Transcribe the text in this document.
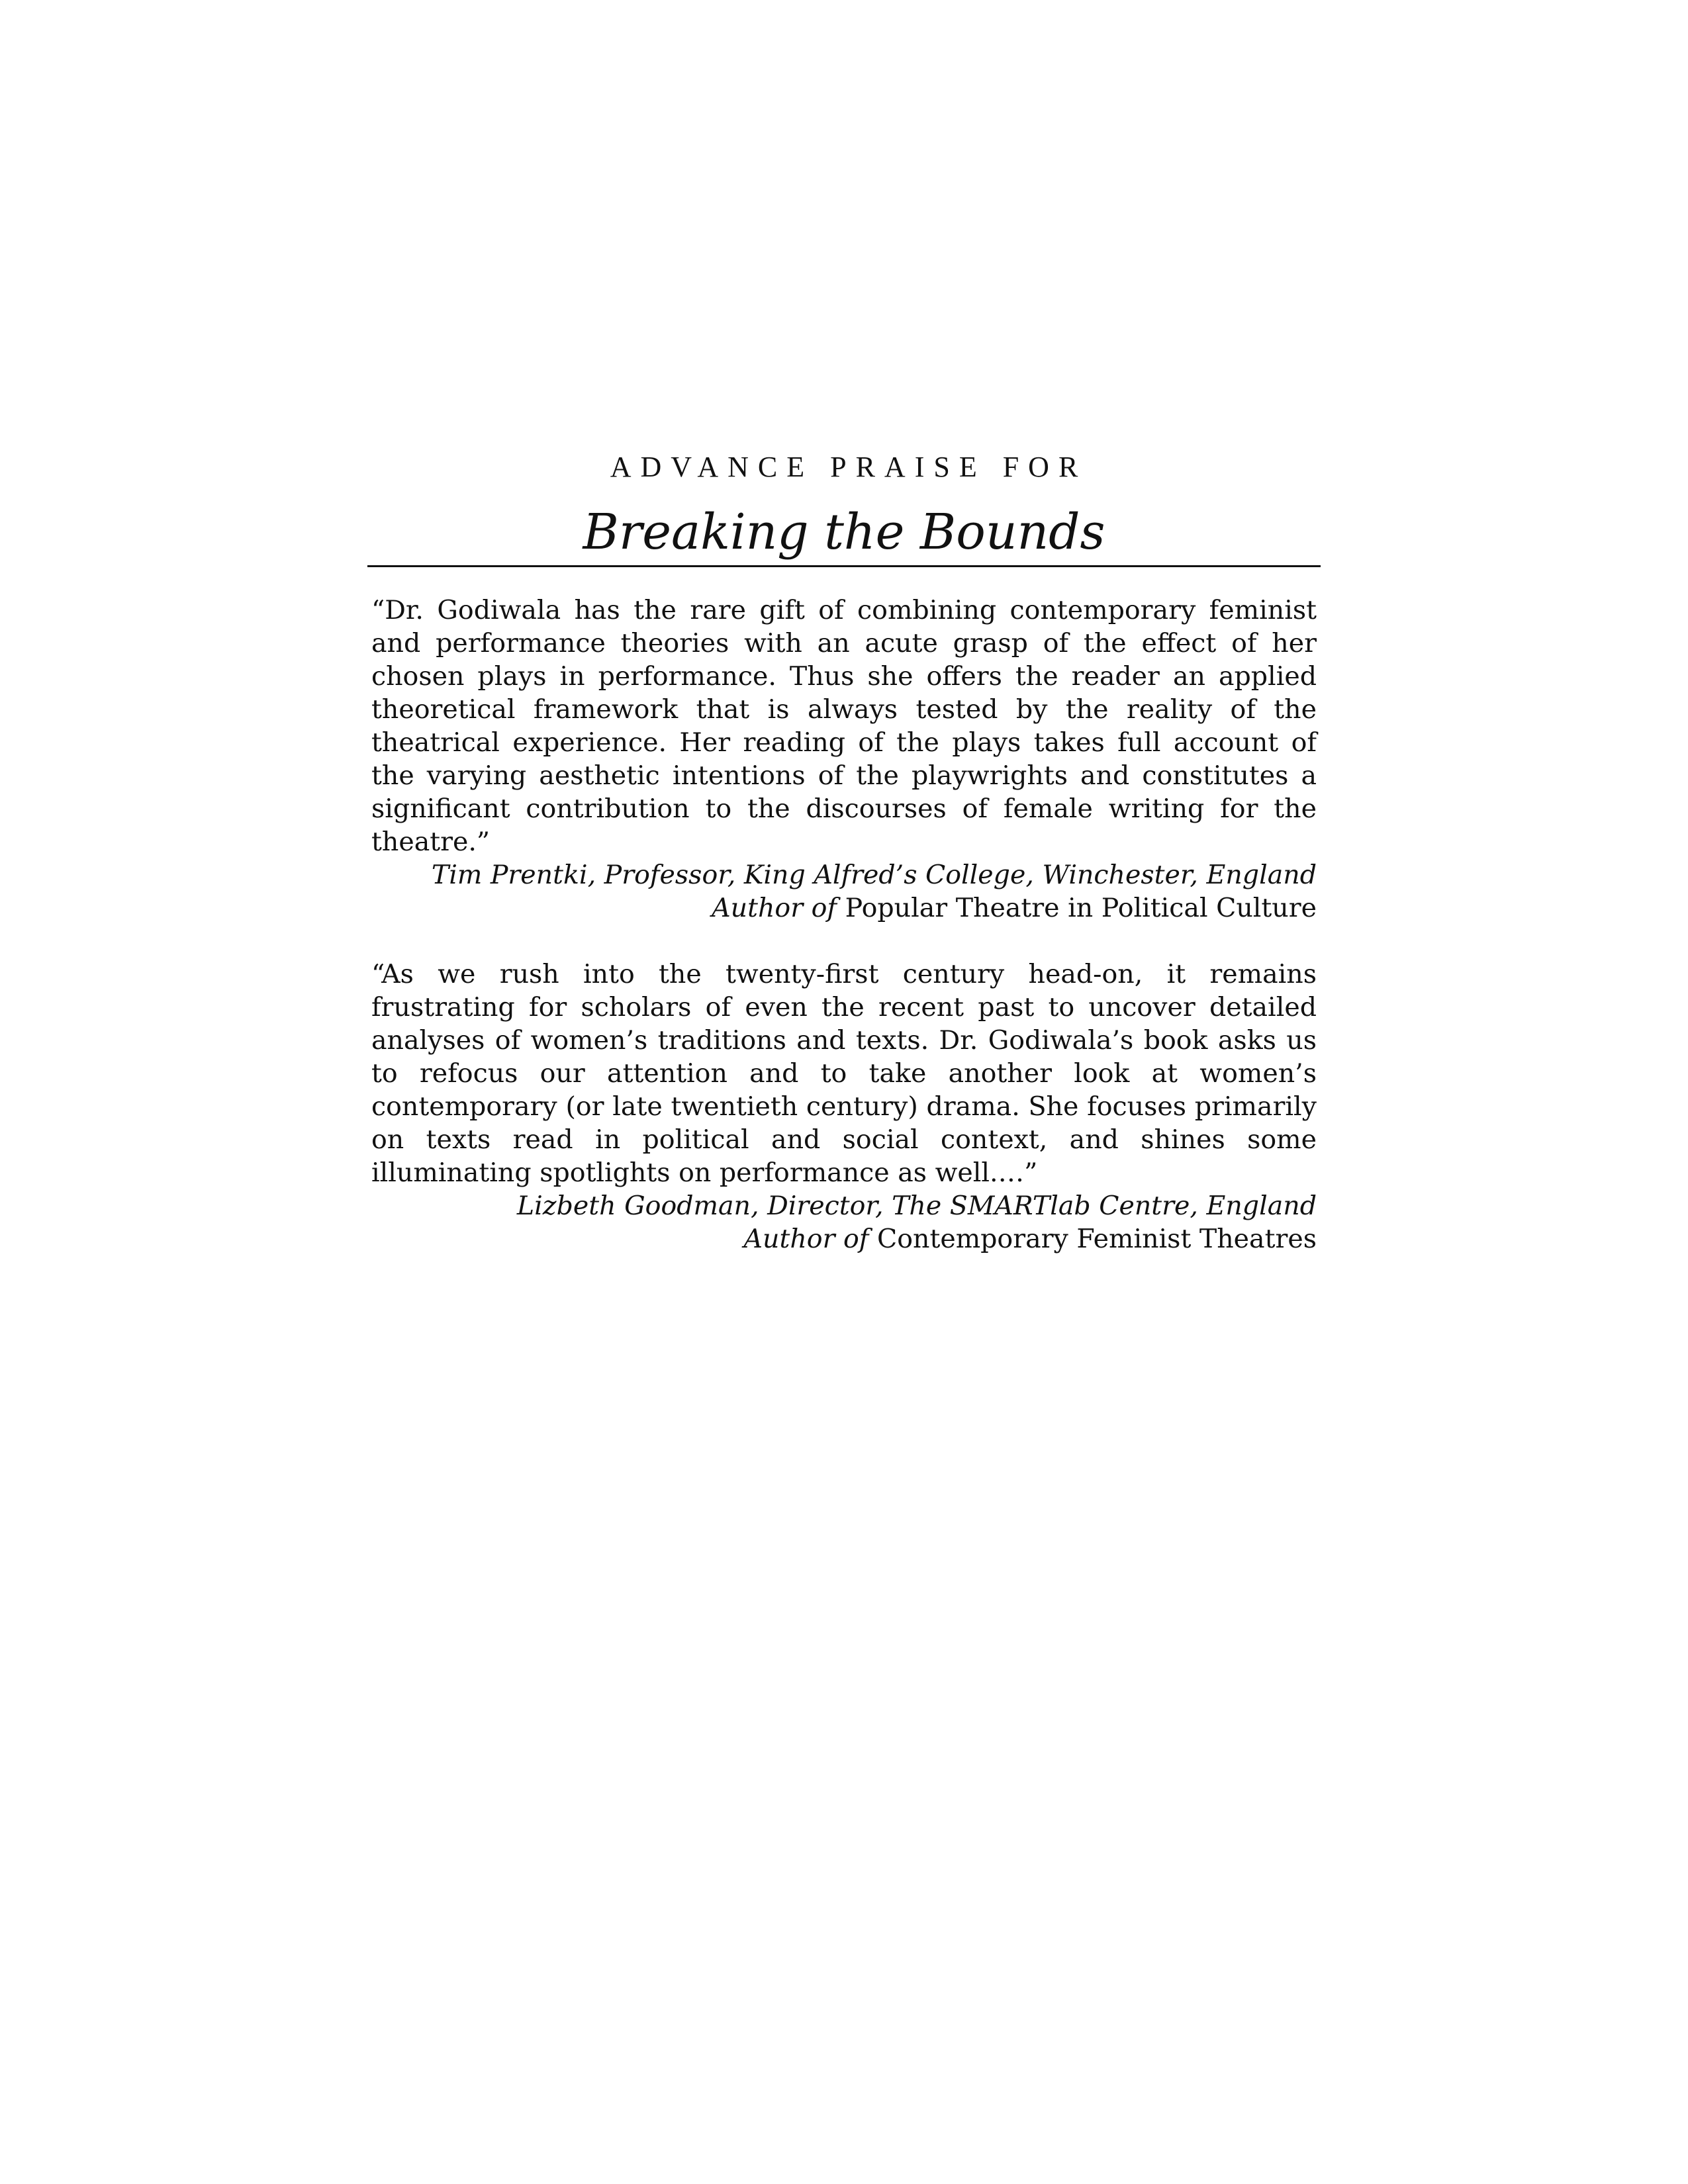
ADVANCE PRAISE FOR

Breaking the Bounds

“Dr. Godiwala has the rare gift of combining contemporary feminist and performance theories with an acute grasp of the effect of her chosen plays in performance. Thus she offers the reader an applied theoretical framework that is always tested by the reality of the theatrical experience. Her reading of the plays takes full account of the varying aesthetic intentions of the playwrights and constitutes a significant contribution to the discourses of female writing for the theatre.”

Tim Prentki, Professor, King Alfred’s College, Winchester, England
Author of Popular Theatre in Political Culture

“As we rush into the twenty-first century head-on, it remains frustrating for scholars of even the recent past to uncover detailed analyses of women’s traditions and texts. Dr. Godiwala’s book asks us to refocus our attention and to take another look at women’s contemporary (or late twentieth century) drama. She focuses primarily on texts read in political and social context, and shines some illuminating spotlights on performance as well.…”

Lizbeth Goodman, Director, The SMARTlab Centre, England
Author of Contemporary Feminist Theatres
